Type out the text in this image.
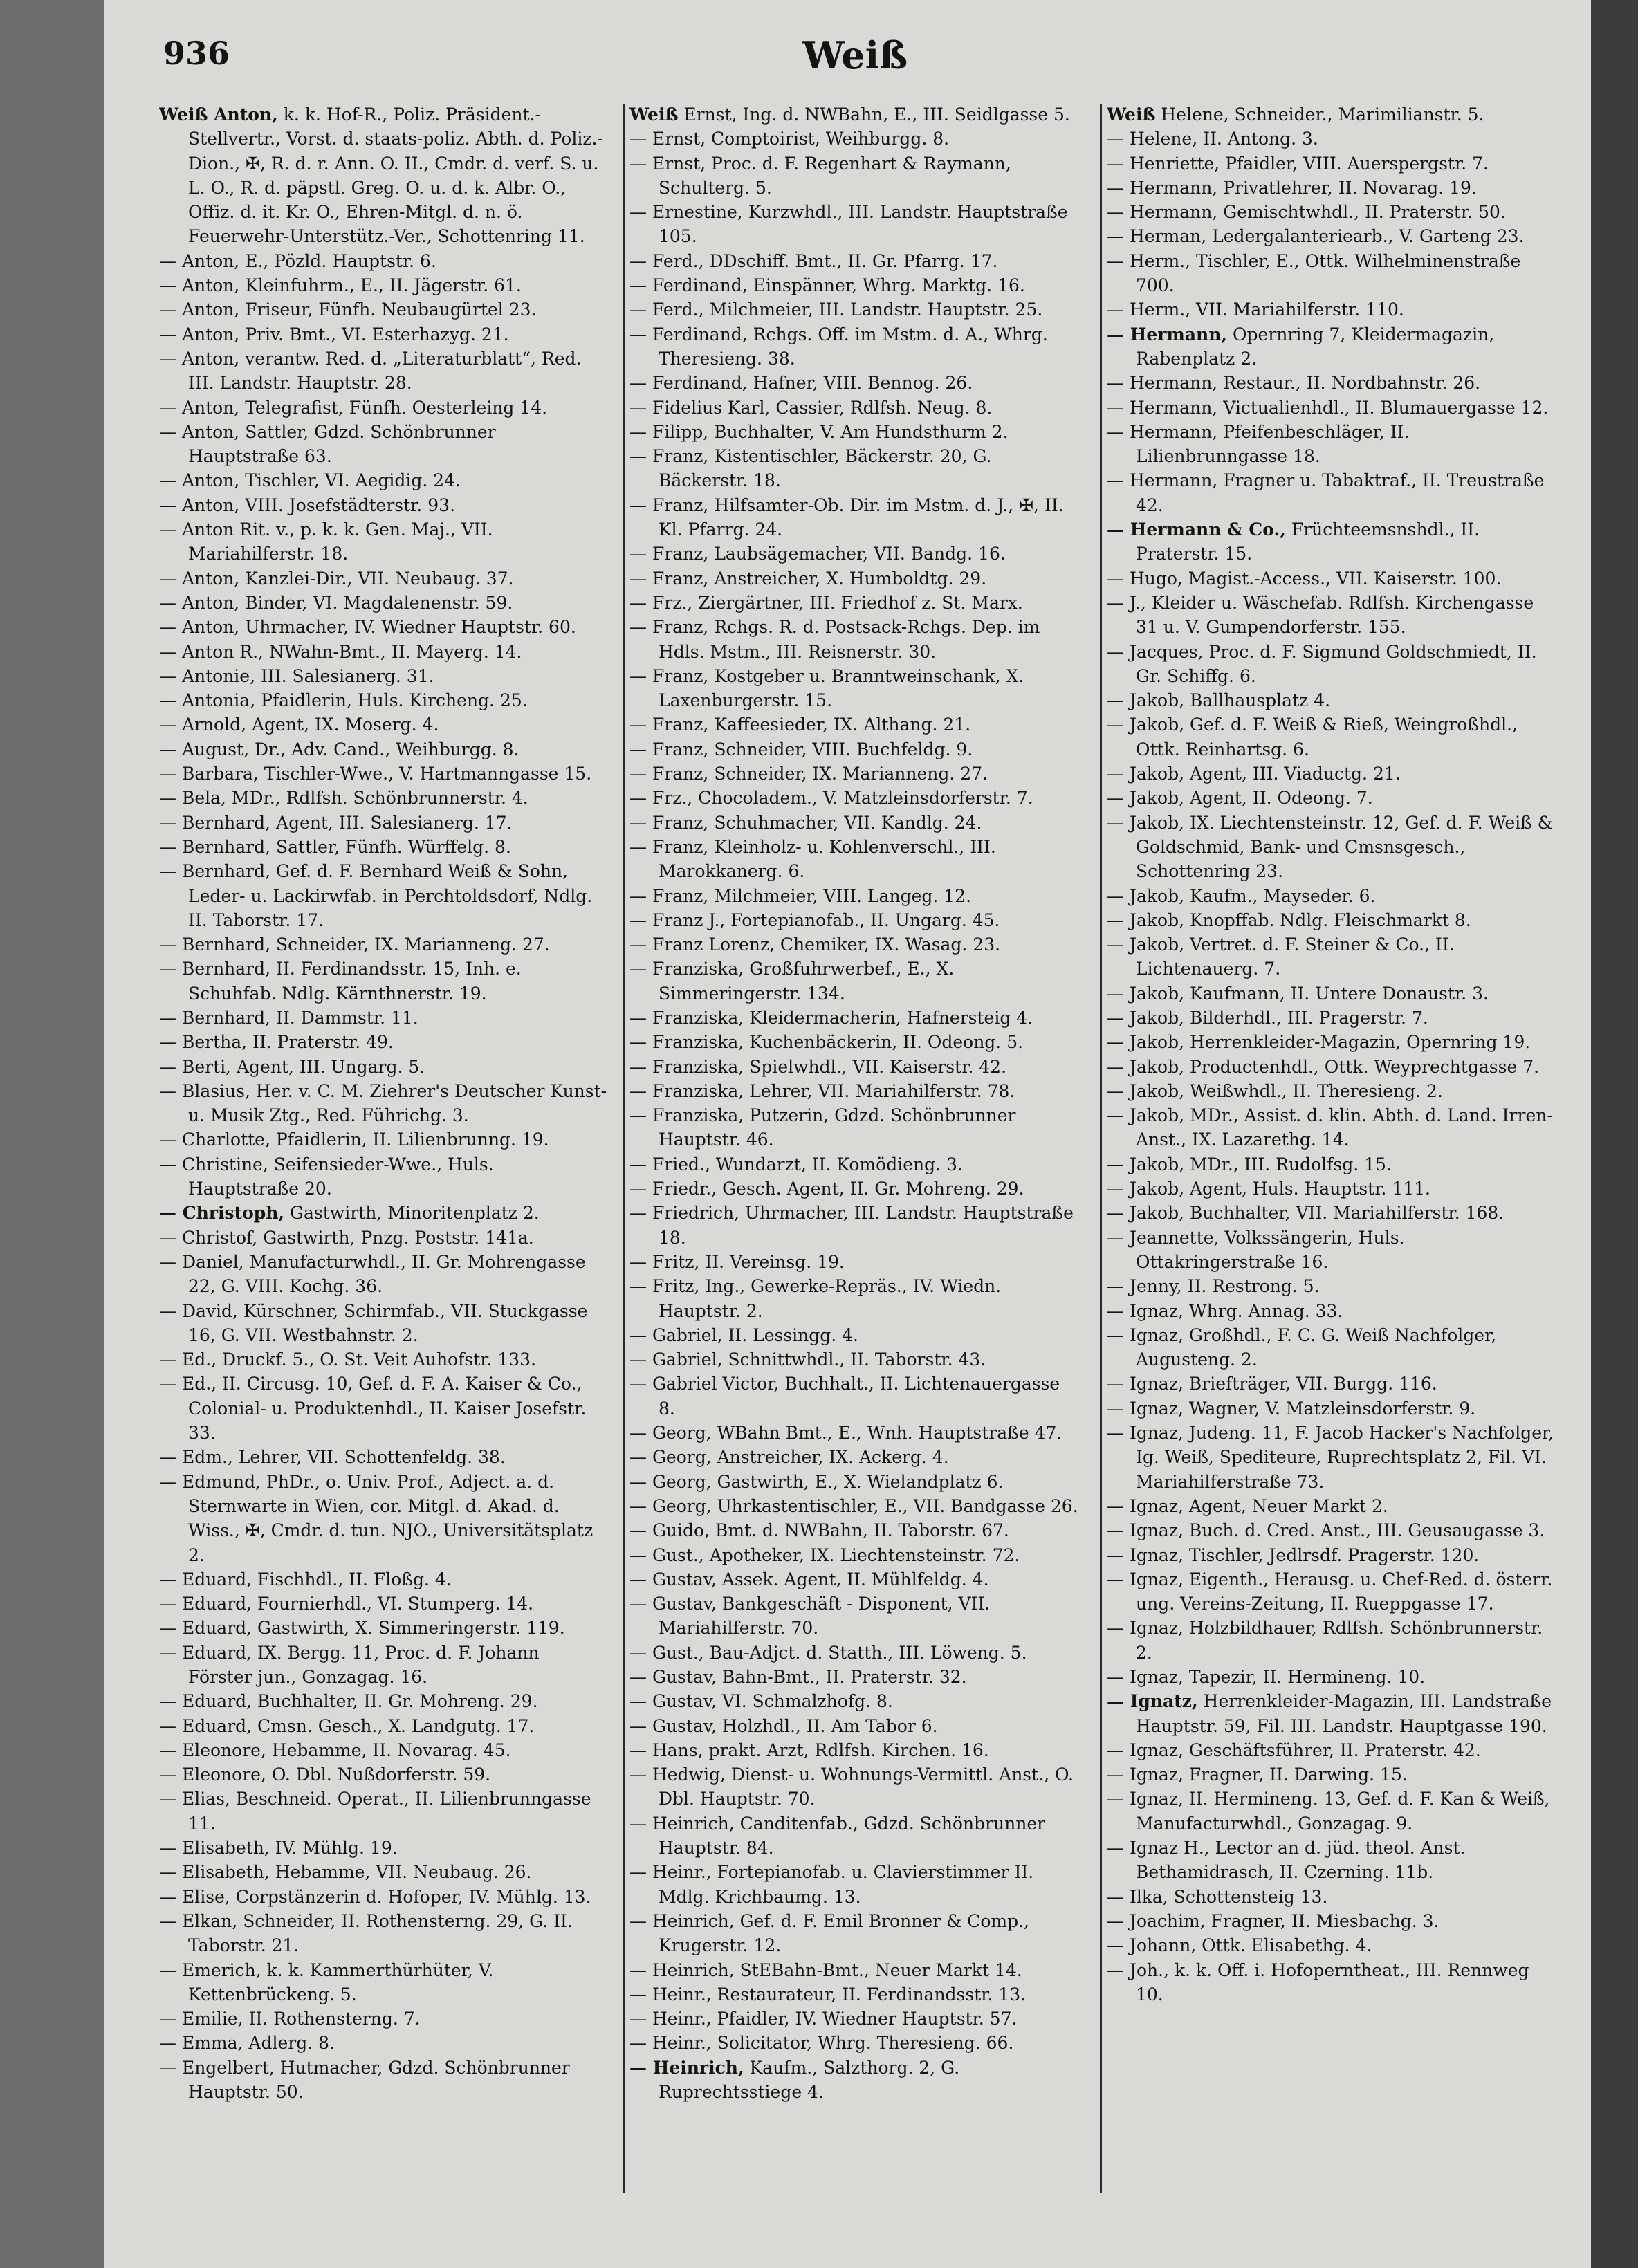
936	Weiß

Weiß Anton, k. k. Hof-R., Poliz. Präsident.-Stellvertr., Vorst. d. staats-poliz. Abth. d. Poliz.-Dion., ✠, R. d. r. Ann. O. II., Cmdr. d. verf. S. u. L. O., R. d. päpstl. Greg. O. u. d. k. Albr. O., Offiz. d. it. Kr. O., Ehren-Mitgl. d. n. ö. Feuerwehr-Unterstütz.-Ver., Schottenring 11.

— Anton, E., Pözld. Hauptstr. 6.

— Anton, Kleinfuhrm., E., II. Jägerstr. 61.

— Anton, Friseur, Fünfh. Neubaugürtel 23.

— Anton, Priv. Bmt., VI. Esterhazyg. 21.

— Anton, verantw. Red. d. „Literaturblatt“, Red. III. Landstr. Hauptstr. 28.

— Anton, Telegrafist, Fünfh. Oesterleing 14.

— Anton, Sattler, Gdzd. Schönbrunner Hauptstraße 63.

— Anton, Tischler, VI. Aegidig. 24.

— Anton, VIII. Josefstädterstr. 93.

— Anton Rit. v., p. k. k. Gen. Maj., VII. Mariahilferstr. 18.

— Anton, Kanzlei-Dir., VII. Neubaug. 37.

— Anton, Binder, VI. Magdalenenstr. 59.

— Anton, Uhrmacher, IV. Wiedner Hauptstr. 60.

— Anton R., NWahn-Bmt., II. Mayerg. 14.

— Antonie, III. Salesianerg. 31.

— Antonia, Pfaidlerin, Huls. Kircheng. 25.

— Arnold, Agent, IX. Moserg. 4.

— August, Dr., Adv. Cand., Weihburgg. 8.

— Barbara, Tischler-Wwe., V. Hartmanngasse 15.

— Bela, MDr., Rdlfsh. Schönbrunnerstr. 4.

— Bernhard, Agent, III. Salesianerg. 17.

— Bernhard, Sattler, Fünfh. Würffelg. 8.

— Bernhard, Gef. d. F. Bernhard Weiß & Sohn, Leder- u. Lackirwfab. in Perchtoldsdorf, Ndlg. II. Taborstr. 17.

— Bernhard, Schneider, IX. Marianneng. 27.

— Bernhard, II. Ferdinandsstr. 15, Inh. e. Schuhfab. Ndlg. Kärnthnerstr. 19.

— Bernhard, II. Dammstr. 11.

— Bertha, II. Praterstr. 49.

— Berti, Agent, III. Ungarg. 5.

— Blasius, Her. v. C. M. Ziehrer's Deutscher Kunst- u. Musik Ztg., Red. Führichg. 3.

— Charlotte, Pfaidlerin, II. Lilienbrunng. 19.

— Christine, Seifensieder-Wwe., Huls. Hauptstraße 20.

— Christoph, Gastwirth, Minoritenplatz 2.

— Christof, Gastwirth, Pnzg. Poststr. 141a.

— Daniel, Manufacturwhdl., II. Gr. Mohrengasse 22, G. VIII. Kochg. 36.

— David, Kürschner, Schirmfab., VII. Stuckgasse 16, G. VII. Westbahnstr. 2.

— Ed., Druckf. 5., O. St. Veit Auhofstr. 133.

— Ed., II. Circusg. 10, Gef. d. F. A. Kaiser & Co., Colonial- u. Produktenhdl., II. Kaiser Josefstr. 33.

— Edm., Lehrer, VII. Schottenfeldg. 38.

— Edmund, PhDr., o. Univ. Prof., Adject. a. d. Sternwarte in Wien, cor. Mitgl. d. Akad. d. Wiss., ✠, Cmdr. d. tun. NJO., Universitätsplatz 2.

— Eduard, Fischhdl., II. Floßg. 4.

— Eduard, Fournierhdl., VI. Stumperg. 14.

— Eduard, Gastwirth, X. Simmeringerstr. 119.

— Eduard, IX. Bergg. 11, Proc. d. F. Johann Förster jun., Gonzagag. 16.

— Eduard, Buchhalter, II. Gr. Mohreng. 29.

— Eduard, Cmsn. Gesch., X. Landgutg. 17.

— Eleonore, Hebamme, II. Novarag. 45.

— Eleonore, O. Dbl. Nußdorferstr. 59.

— Elias, Beschneid. Operat., II. Lilienbrunngasse 11.

— Elisabeth, IV. Mühlg. 19.

— Elisabeth, Hebamme, VII. Neubaug. 26.

— Elise, Corpstänzerin d. Hofoper, IV. Mühlg. 13.

— Elkan, Schneider, II. Rothensterng. 29, G. II. Taborstr. 21.

— Emerich, k. k. Kammerthürhüter, V. Kettenbrückeng. 5.

— Emilie, II. Rothensterng. 7.

— Emma, Adlerg. 8.

— Engelbert, Hutmacher, Gdzd. Schönbrunner Hauptstr. 50.

Weiß Ernst, Ing. d. NWBahn, E., III. Seidlgasse 5.

— Ernst, Comptoirist, Weihburgg. 8.

— Ernst, Proc. d. F. Regenhart & Raymann, Schulterg. 5.

— Ernestine, Kurzwhdl., III. Landstr. Hauptstraße 105.

— Ferd., DDschiff. Bmt., II. Gr. Pfarrg. 17.

— Ferdinand, Einspänner, Whrg. Marktg. 16.

— Ferd., Milchmeier, III. Landstr. Hauptstr. 25.

— Ferdinand, Rchgs. Off. im Mstm. d. A., Whrg. Theresieng. 38.

— Ferdinand, Hafner, VIII. Bennog. 26.

— Fidelius Karl, Cassier, Rdlfsh. Neug. 8.

— Filipp, Buchhalter, V. Am Hundsthurm 2.

— Franz, Kistentischler, Bäckerstr. 20, G. Bäckerstr. 18.

— Franz, Hilfsamter-Ob. Dir. im Mstm. d. J., ✠, II. Kl. Pfarrg. 24.

— Franz, Laubsägemacher, VII. Bandg. 16.

— Franz, Anstreicher, X. Humboldtg. 29.

— Frz., Ziergärtner, III. Friedhof z. St. Marx.

— Franz, Rchgs. R. d. Postsack-Rchgs. Dep. im Hdls. Mstm., III. Reisnerstr. 30.

— Franz, Kostgeber u. Branntweinschank, X. Laxenburgerstr. 15.

— Franz, Kaffeesieder, IX. Althang. 21.

— Franz, Schneider, VIII. Buchfeldg. 9.

— Franz, Schneider, IX. Marianneng. 27.

— Frz., Chocoladem., V. Matzleinsdorferstr. 7.

— Franz, Schuhmacher, VII. Kandlg. 24.

— Franz, Kleinholz- u. Kohlenverschl., III. Marokkanerg. 6.

— Franz, Milchmeier, VIII. Langeg. 12.

— Franz J., Fortepianofab., II. Ungarg. 45.

— Franz Lorenz, Chemiker, IX. Wasag. 23.

— Franziska, Großfuhrwerbef., E., X. Simmeringerstr. 134.

— Franziska, Kleidermacherin, Hafnersteig 4.

— Franziska, Kuchenbäckerin, II. Odeong. 5.

— Franziska, Spielwhdl., VII. Kaiserstr. 42.

— Franziska, Lehrer, VII. Mariahilferstr. 78.

— Franziska, Putzerin, Gdzd. Schönbrunner Hauptstr. 46.

— Fried., Wundarzt, II. Komödieng. 3.

— Friedr., Gesch. Agent, II. Gr. Mohreng. 29.

— Friedrich, Uhrmacher, III. Landstr. Hauptstraße 18.

— Fritz, II. Vereinsg. 19.

— Fritz, Ing., Gewerke-Repräs., IV. Wiedn. Hauptstr. 2.

— Gabriel, II. Lessingg. 4.

— Gabriel, Schnittwhdl., II. Taborstr. 43.

— Gabriel Victor, Buchhalt., II. Lichtenauergasse 8.

— Georg, WBahn Bmt., E., Wnh. Hauptstraße 47.

— Georg, Anstreicher, IX. Ackerg. 4.

— Georg, Gastwirth, E., X. Wielandplatz 6.

— Georg, Uhrkastentischler, E., VII. Bandgasse 26.

— Guido, Bmt. d. NWBahn, II. Taborstr. 67.

— Gust., Apotheker, IX. Liechtensteinstr. 72.

— Gustav, Assek. Agent, II. Mühlfeldg. 4.

— Gustav, Bankgeschäft - Disponent, VII. Mariahilferstr. 70.

— Gust., Bau-Adjct. d. Statth., III. Löweng. 5.

— Gustav, Bahn-Bmt., II. Praterstr. 32.

— Gustav, VI. Schmalzhofg. 8.

— Gustav, Holzhdl., II. Am Tabor 6.

— Hans, prakt. Arzt, Rdlfsh. Kirchen. 16.

— Hedwig, Dienst- u. Wohnungs-Vermittl. Anst., O. Dbl. Hauptstr. 70.

— Heinrich, Canditenfab., Gdzd. Schönbrunner Hauptstr. 84.

— Heinr., Fortepianofab. u. Clavierstimmer II. Mdlg. Krichbaumg. 13.

— Heinrich, Gef. d. F. Emil Bronner & Comp., Krugerstr. 12.

— Heinrich, StEBahn-Bmt., Neuer Markt 14.

— Heinr., Restaurateur, II. Ferdinandsstr. 13.

— Heinr., Pfaidler, IV. Wiedner Hauptstr. 57.

— Heinr., Solicitator, Whrg. Theresieng. 66.

— Heinrich, Kaufm., Salzthorg. 2, G. Ruprechtsstiege 4.

Weiß Helene, Schneider., Marimilianstr. 5.

— Helene, II. Antong. 3.

— Henriette, Pfaidler, VIII. Auerspergstr. 7.

— Hermann, Privatlehrer, II. Novarag. 19.

— Hermann, Gemischtwhdl., II. Praterstr. 50.

— Herman, Ledergalanteriearb., V. Garteng 23.

— Herm., Tischler, E., Ottk. Wilhelminenstraße 700.

— Herm., VII. Mariahilferstr. 110.

— Hermann, Opernring 7, Kleidermagazin, Rabenplatz 2.

— Hermann, Restaur., II. Nordbahnstr. 26.

— Hermann, Victualienhdl., II. Blumauergasse 12.

— Hermann, Pfeifenbeschläger, II. Lilienbrunngasse 18.

— Hermann, Fragner u. Tabaktraf., II. Treustraße 42.

— Hermann & Co., Früchteemsnshdl., II. Praterstr. 15.

— Hugo, Magist.-Access., VII. Kaiserstr. 100.

— J., Kleider u. Wäschefab. Rdlfsh. Kirchengasse 31 u. V. Gumpendorferstr. 155.

— Jacques, Proc. d. F. Sigmund Goldschmiedt, II. Gr. Schiffg. 6.

— Jakob, Ballhausplatz 4.

— Jakob, Gef. d. F. Weiß & Rieß, Weingroßhdl., Ottk. Reinhartsg. 6.

— Jakob, Agent, III. Viaductg. 21.

— Jakob, Agent, II. Odeong. 7.

— Jakob, IX. Liechtensteinstr. 12, Gef. d. F. Weiß & Goldschmid, Bank- und Cmsnsgesch., Schottenring 23.

— Jakob, Kaufm., Mayseder. 6.

— Jakob, Knopffab. Ndlg. Fleischmarkt 8.

— Jakob, Vertret. d. F. Steiner & Co., II. Lichtenauerg. 7.

— Jakob, Kaufmann, II. Untere Donaustr. 3.

— Jakob, Bilderhdl., III. Pragerstr. 7.

— Jakob, Herrenkleider-Magazin, Opernring 19.

— Jakob, Productenhdl., Ottk. Weyprechtgasse 7.

— Jakob, Weißwhdl., II. Theresieng. 2.

— Jakob, MDr., Assist. d. klin. Abth. d. Land. Irren-Anst., IX. Lazarethg. 14.

— Jakob, MDr., III. Rudolfsg. 15.

— Jakob, Agent, Huls. Hauptstr. 111.

— Jakob, Buchhalter, VII. Mariahilferstr. 168.

— Jeannette, Volkssängerin, Huls. Ottakringerstraße 16.

— Jenny, II. Restrong. 5.

— Ignaz, Whrg. Annag. 33.

— Ignaz, Großhdl., F. C. G. Weiß Nachfolger, Augusteng. 2.

— Ignaz, Briefträger, VII. Burgg. 116.

— Ignaz, Wagner, V. Matzleinsdorferstr. 9.

— Ignaz, Judeng. 11, F. Jacob Hacker's Nachfolger, Ig. Weiß, Spediteure, Ruprechtsplatz 2, Fil. VI. Mariahilferstraße 73.

— Ignaz, Agent, Neuer Markt 2.

— Ignaz, Buch. d. Cred. Anst., III. Geusaugasse 3.

— Ignaz, Tischler, Jedlrsdf. Pragerstr. 120.

— Ignaz, Eigenth., Herausg. u. Chef-Red. d. österr. ung. Vereins-Zeitung, II. Rueppgasse 17.

— Ignaz, Holzbildhauer, Rdlfsh. Schönbrunnerstr. 2.

— Ignaz, Tapezir, II. Hermineng. 10.

— Ignatz, Herrenkleider-Magazin, III. Landstraße Hauptstr. 59, Fil. III. Landstr. Hauptgasse 190.

— Ignaz, Geschäftsführer, II. Praterstr. 42.

— Ignaz, Fragner, II. Darwing. 15.

— Ignaz, II. Hermineng. 13, Gef. d. F. Kan & Weiß, Manufacturwhdl., Gonzagag. 9.

— Ignaz H., Lector an d. jüd. theol. Anst. Bethamidrasch, II. Czerning. 11b.

— Ilka, Schottensteig 13.

— Joachim, Fragner, II. Miesbachg. 3.

— Johann, Ottk. Elisabethg. 4.

— Joh., k. k. Off. i. Hofoperntheat., III. Rennweg 10.
